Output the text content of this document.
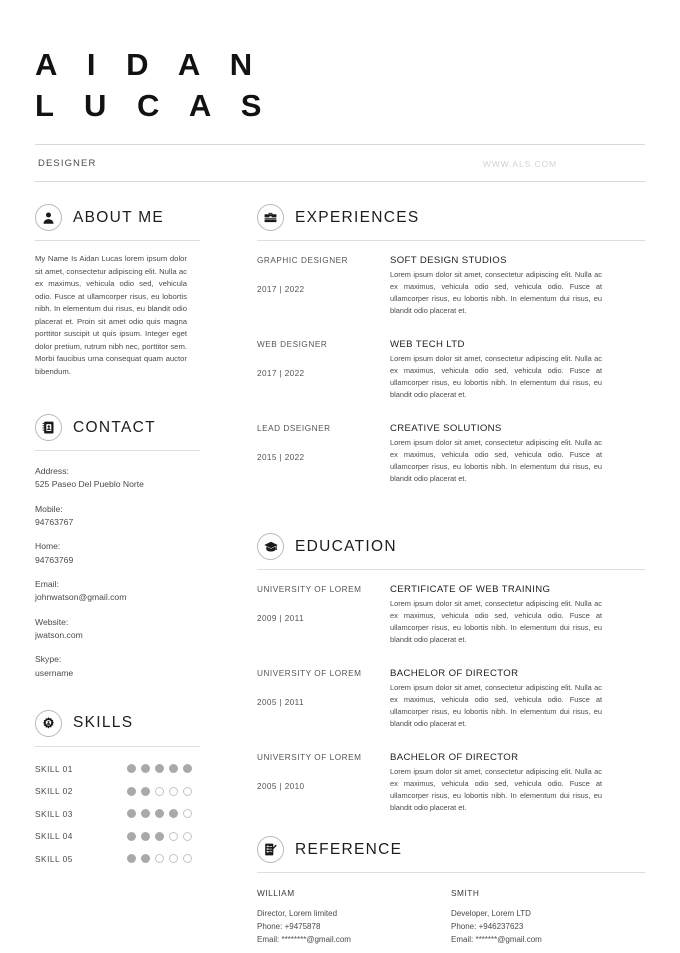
A I D A N
L U C A S
DESIGNER	WWW.ALS.COM
ABOUT ME
My Name Is Aidan Lucas lorem ipsum dolor sit amet, consectetur adipiscing elit. Nulla ac ex maximus, vehicula odio sed, vehicula odio. Fusce at ullamcorper risus, eu lobortis nibh. In elementum dui risus, eu blandit odio placerat et. Proin sit amet odio quis magna porttitor suscipit ut quis ipsum. Integer eget dolor pretium, rutrum nibh nec, porttitor sem. Morbi faucibus urna consequat quam auctor bibendum.
CONTACT
Address:
525 Paseo Del Pueblo Norte
Mobile:
94763767
Home:
94763769
Email:
johnwatson@gmail.com
Website:
jwatson.com
Skype:
username
SKILLS
SKILL 01
SKILL 02
SKILL 03
SKILL 04
SKILL 05
EXPERIENCES
GRAPHIC DESIGNER
2017 | 2022
SOFT DESIGN STUDIOS
Lorem ipsum dolor sit amet, consectetur adipiscing elit. Nulla ac ex maximus, vehicula odio sed, vehicula odio. Fusce at ullamcorper risus, eu lobortis nibh. In elementum dui risus, eu blandit odio placerat et.
WEB DESIGNER
2017 | 2022
WEB TECH LTD
Lorem ipsum dolor sit amet, consectetur adipiscing elit. Nulla ac ex maximus, vehicula odio sed, vehicula odio. Fusce at ullamcorper risus, eu lobortis nibh. In elementum dui risus, eu blandit odio placerat et.
LEAD DSEIGNER
2015 | 2022
CREATIVE SOLUTIONS
Lorem ipsum dolor sit amet, consectetur adipiscing elit. Nulla ac ex maximus, vehicula odio sed, vehicula odio. Fusce at ullamcorper risus, eu lobortis nibh. In elementum dui risus, eu blandit odio placerat et.
EDUCATION
UNIVERSITY OF LOREM
2009 | 2011
CERTIFICATE OF WEB TRAINING
Lorem ipsum dolor sit amet, consectetur adipiscing elit. Nulla ac ex maximus, vehicula odio sed, vehicula odio. Fusce at ullamcorper risus, eu lobortis nibh. In elementum dui risus, eu blandit odio placerat et.
UNIVERSITY OF LOREM
2005 | 2011
BACHELOR OF DIRECTOR
Lorem ipsum dolor sit amet, consectetur adipiscing elit. Nulla ac ex maximus, vehicula odio sed, vehicula odio. Fusce at ullamcorper risus, eu lobortis nibh. In elementum dui risus, eu blandit odio placerat et.
UNIVERSITY OF LOREM
2005 | 2010
BACHELOR OF DIRECTOR
Lorem ipsum dolor sit amet, consectetur adipiscing elit. Nulla ac ex maximus, vehicula odio sed, vehicula odio. Fusce at ullamcorper risus, eu lobortis nibh. In elementum dui risus, eu blandit odio placerat et.
REFERENCE
WILLIAM
Director, Lorem limited
Phone: +9475878
Email: ********@gmail.com
SMITH
Developer, Lorem LTD
Phone: +946237623
Email: *******@gmail.com
